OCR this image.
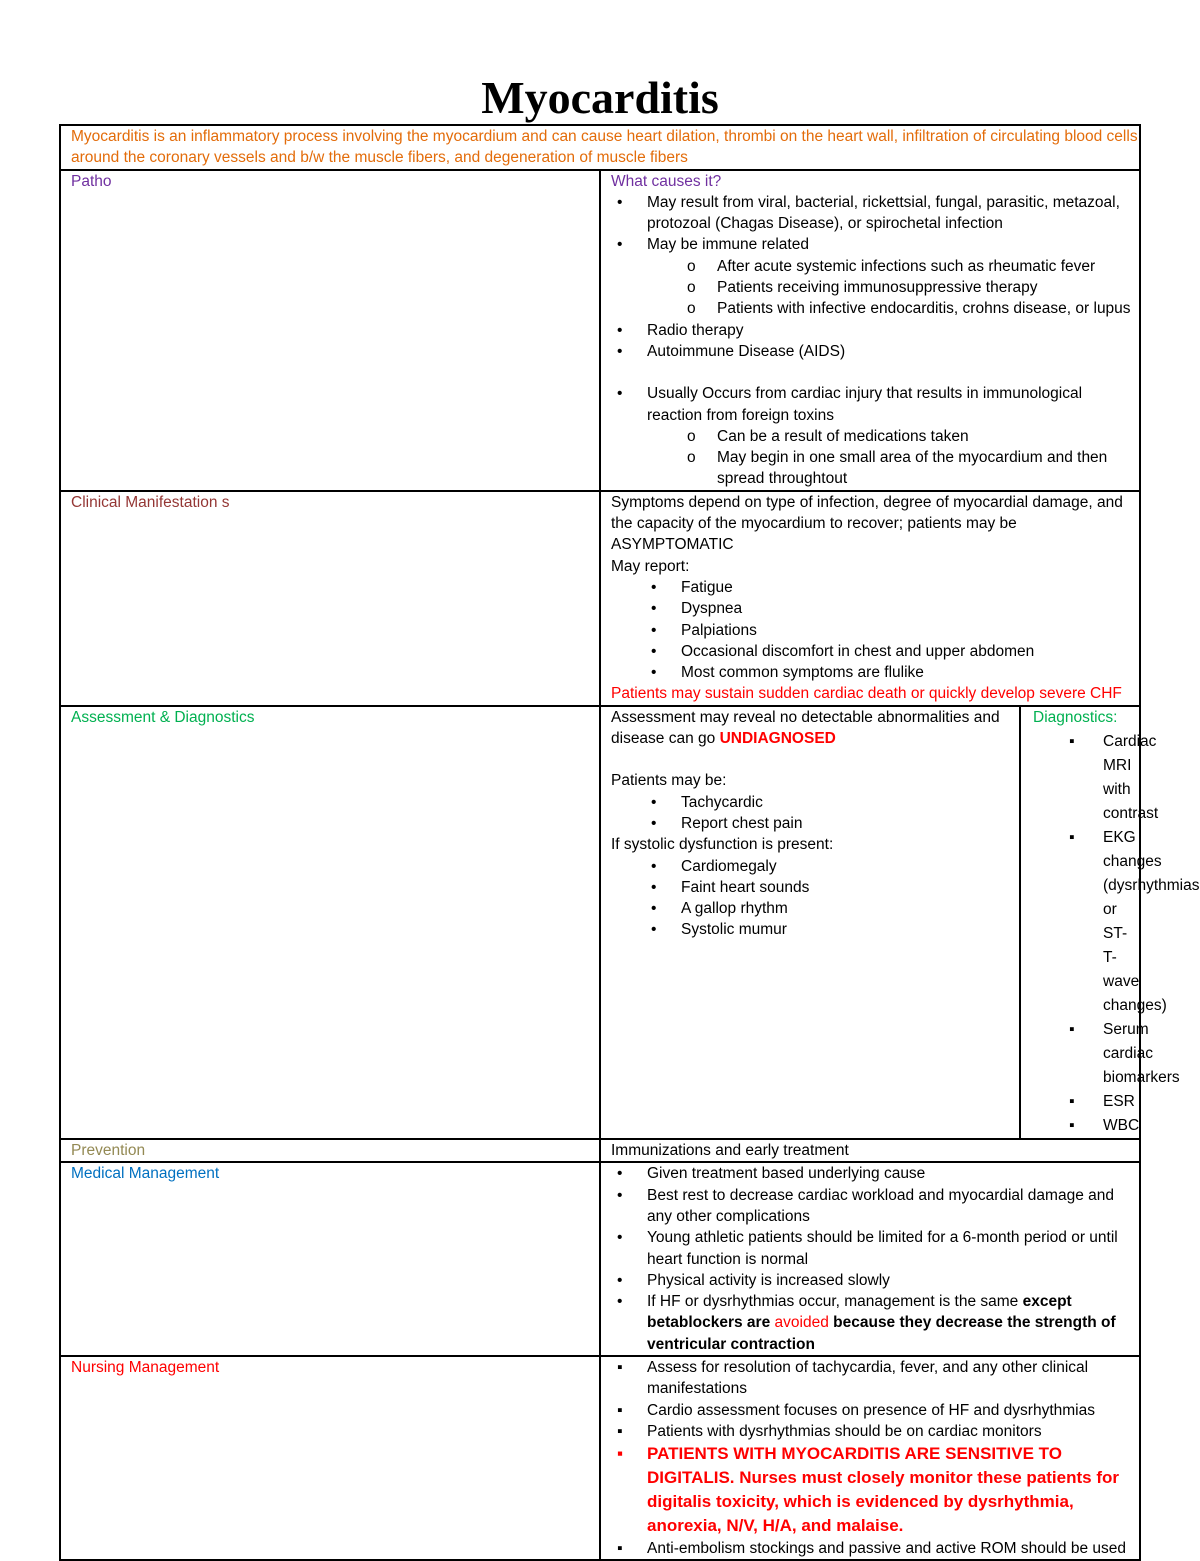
Myocarditis
Myocarditis is an inflammatory process involving the myocardium and can cause heart dilation, thrombi on the heart wall, infiltration of circulating blood cells around the coronary vessels and b/w the muscle fibers, and degeneration of muscle fibers
Patho	What causes it?
• May result from viral, bacterial, rickettsial, fungal, parasitic, metazoal, protozoal (Chagas Disease), or spirochetal infection
• May be immune related
o After acute systemic infections such as rheumatic fever
o Patients receiving immunosuppressive therapy
o Patients with infective endocarditis, crohns disease, or lupus
• Radio therapy
• Autoimmune Disease (AIDS)
• Usually Occurs from cardiac injury that results in immunological reaction from foreign toxins
o Can be a result of medications taken
o May begin in one small area of the myocardium and then spread throughtout

Clinical Manifestation s	Symptoms depend on type of infection, degree of myocardial damage, and the capacity of the myocardium to recover; patients may be ASYMPTOMATIC
May report:
• Fatigue
• Dyspnea
• Palpiations
• Occasional discomfort in chest and upper abdomen
• Most common symptoms are flulike
Patients may sustain sudden cardiac death or quickly develop severe CHF

Assessment & Diagnostics		Assessment may reveal no detectable abnormalities and disease can go UNDIAGNOSED
Patients may be:
• Tachycardic
• Report chest pain
If systolic dysfunction is present:
• Cardiomegaly
• Faint heart sounds
• A gallop rhythm
• Systolic mumur

Diagnostics:
▪ Cardiac MRI with contrast
▪ EKG changes (dysrhythmias or ST-T-wave changes)
▪ Serum cardiac biomarkers
▪ ESR
▪ WBC

Prevention	Immunizations and early treatment
Medical Management	
•Given treatment based underlying cause
• Best rest to decrease cardiac workload and myocardial damage and any other complications
• Young athletic patients should be limited for a 6-month period or until heart function is normal
• Physical activity is increased slowly
• If HF or dysrhythmias occur, management is the same except betablockers are avoided because they decrease the strength of ventricular contraction

Nursing Management	
▪Assess for resolution of tachycardia, fever, and any other clinical manifestations
▪ Cardio assessment focuses on presence of HF and dysrhythmias
▪ Patients with dysrhythmias should be on cardiac monitors
▪ PATIENTS WITH MYOCARDITIS ARE SENSITIVE TO DIGITALIS. Nurses must closely monitor these patients for digitalis toxicity, which is evidenced by dysrhythmia, anorexia, N/V, H/A, and malaise.
▪ Anti-embolism stockings and passive and active ROM should be used
